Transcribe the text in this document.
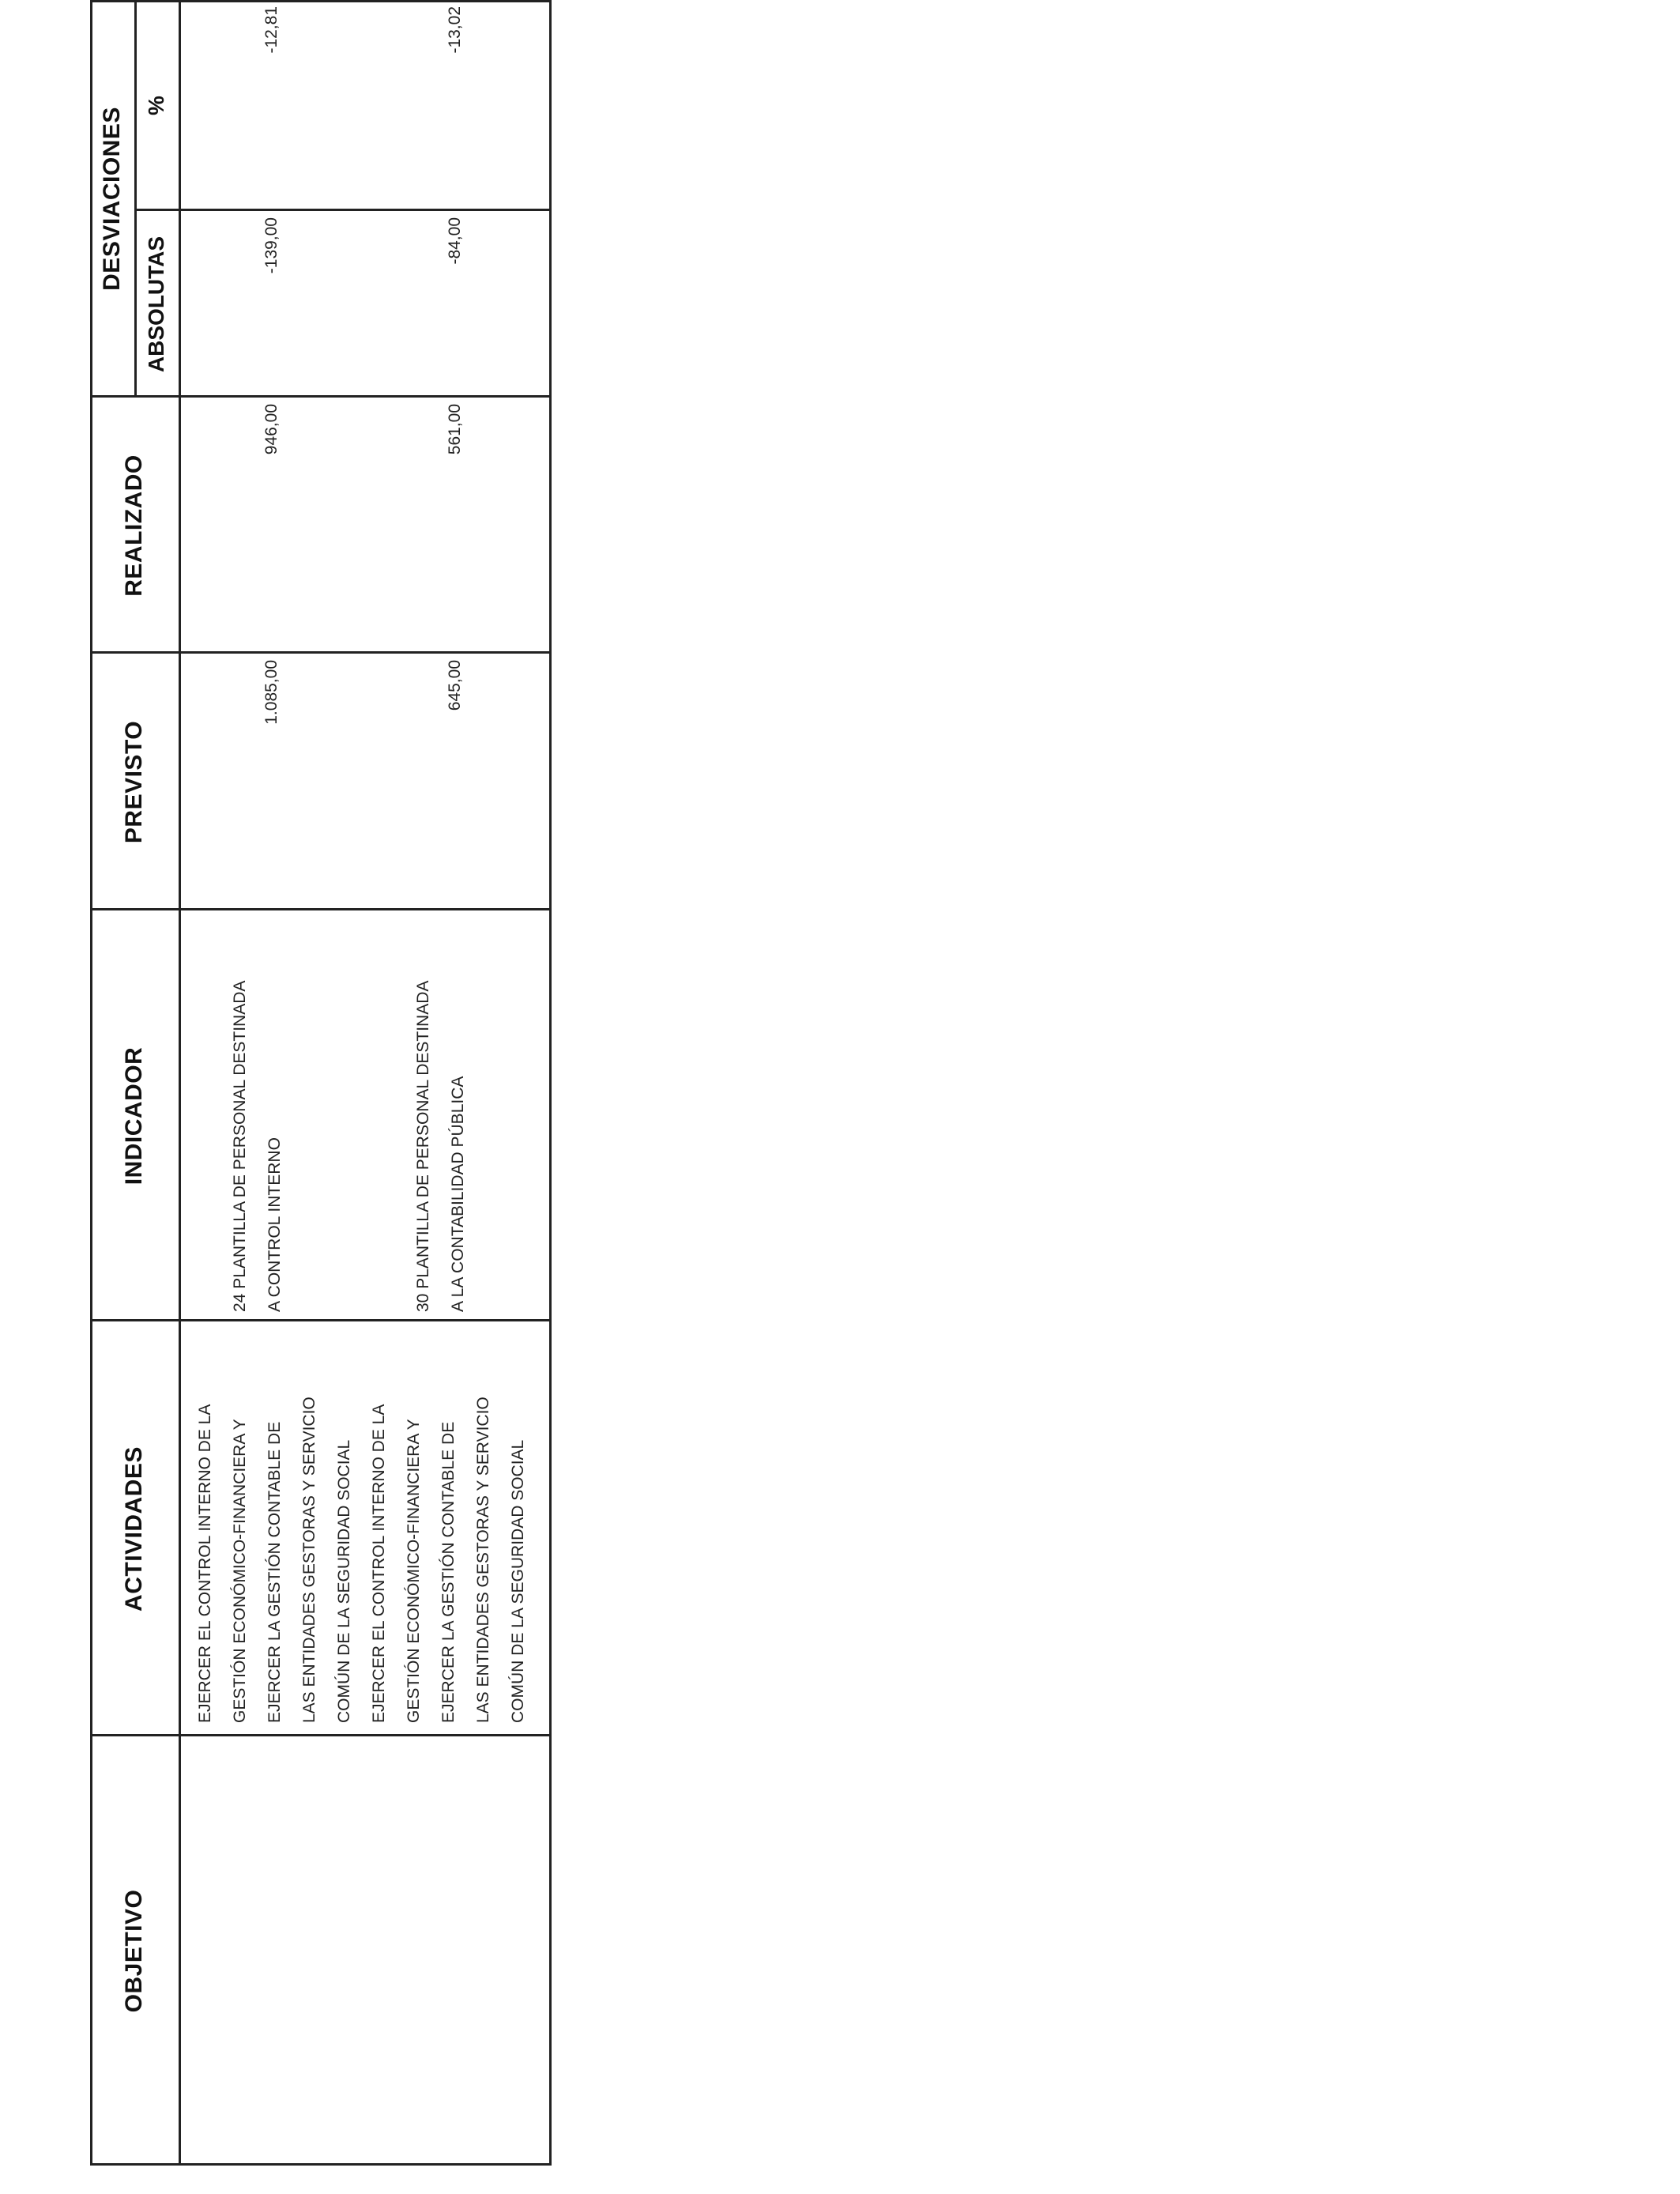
OBJETIVO
ACTIVIDADES
INDICADOR
PREVISTO
REALIZADO
DESVIACIONES
ABSOLUTAS
%
EJERCER EL CONTROL INTERNO DE LA
GESTIÓN ECONÓMICO-FINANCIERA Y
EJERCER LA GESTIÓN CONTABLE DE
LAS ENTIDADES GESTORAS Y SERVICIO
COMÚN DE LA SEGURIDAD SOCIAL
24 PLANTILLA DE PERSONAL DESTINADA
A CONTROL INTERNO
1.085,00
946,00
-139,00
-12,81
EJERCER EL CONTROL INTERNO DE LA
GESTIÓN ECONÓMICO-FINANCIERA Y
EJERCER LA GESTIÓN CONTABLE DE
LAS ENTIDADES GESTORAS Y SERVICIO
COMÚN DE LA SEGURIDAD SOCIAL
30 PLANTILLA DE PERSONAL DESTINADA
A LA CONTABILIDAD PÚBLICA
645,00
561,00
-84,00
-13,02
